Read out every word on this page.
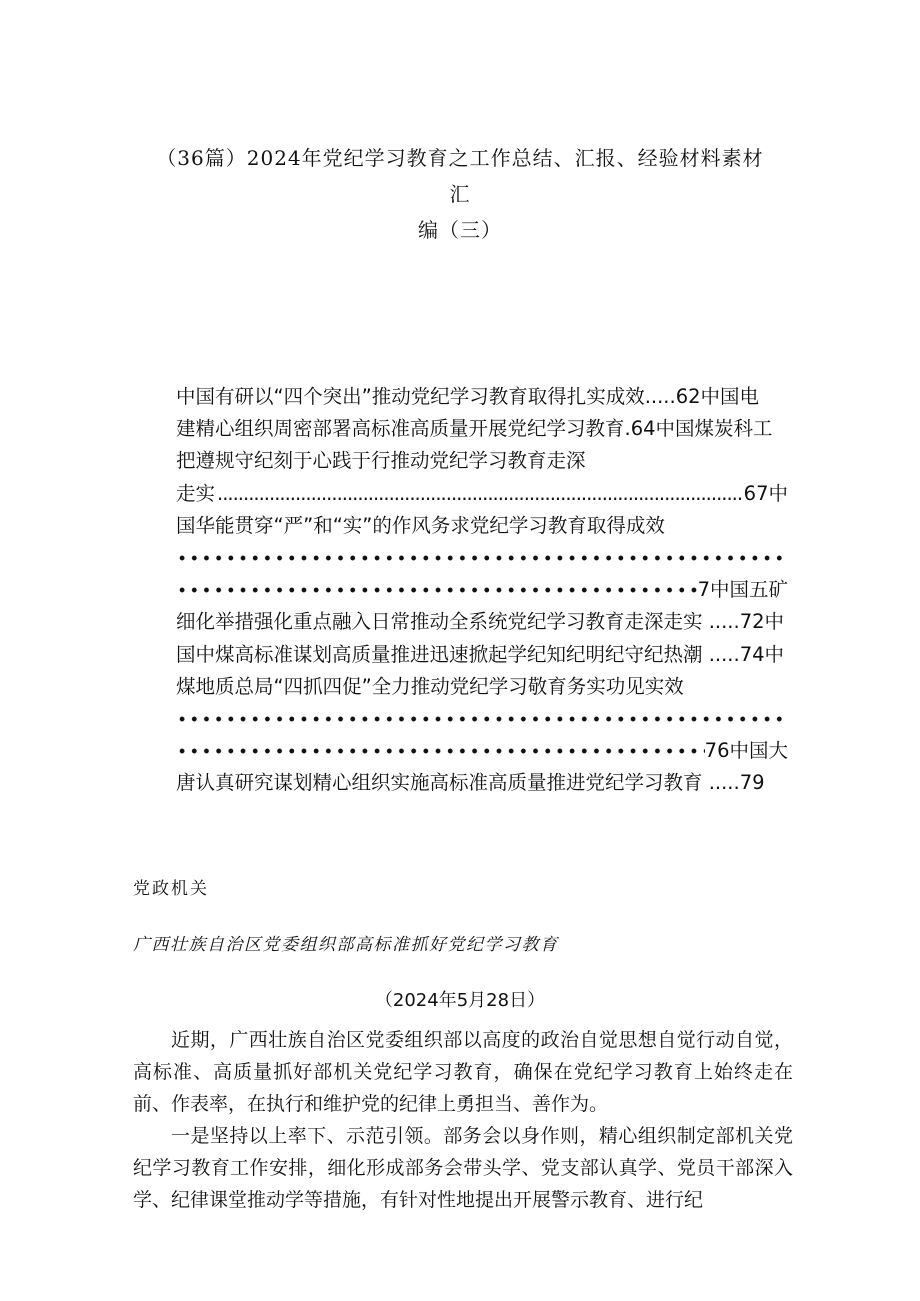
（36篇）2024年党纪学习教育之工作总结、汇报、经验材料素材汇
编（三）
中国有研以“四个突出”推动党纪学习教育取得扎实成效.....62中国电
建精心组织周密部署高标准高质量开展党纪学习教育.64中国煤炭科工
把遵规守纪刻于心践于行推动党纪学习教育走深
走实
.....	67中
国华能贯穿“严”和“实”的作风务求党纪学习教育取得成效
7中国五矿
细化举措强化重点融入日常推动全系统党纪学习教育走深走实 .....72中
国中煤高标准谋划高质量推进迅速掀起学纪知纪明纪守纪热潮 .....74中
煤地质总局“四抓四促”全力推动党纪学习敬育务实功见实效
76中国大
唐认真研究谋划精心组织实施高标准高质量推进党纪学习教育 .....79
党政机关
广西壮族自治区党委组织部高标准抓好党纪学习教育
（2024年5月28日）

近期，广西壮族自治区党委组织部以高度的政治自觉思想自觉行动自觉，高标准、高质量抓好部机关党纪学习教育，确保在党纪学习教育上始终走在前、作表率，在执行和维护党的纪律上勇担当、善作为。

一是坚持以上率下、示范引领。部务会以身作则，精心组织制定部机关党纪学习教育工作安排，细化形成部务会带头学、党支部认真学、党员干部深入学、纪律课堂推动学等措施，有针对性地提出开展警示教育、进行纪
